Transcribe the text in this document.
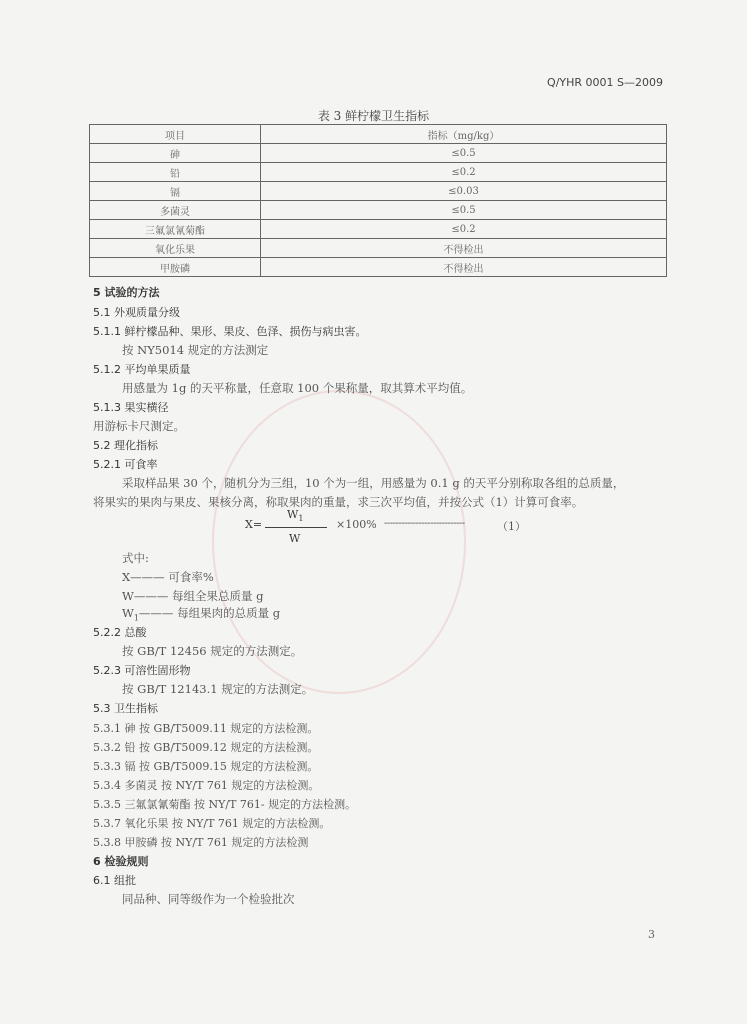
Q/YHR 0001 S—2009
表 3 鲜柠檬卫生指标
项目	指标（mg/kg）
砷	≤0.5
铅	≤0.2
镉	≤0.03
多菌灵	≤0.5
三氟氯氰菊酯	≤0.2
氧化乐果	不得检出
甲胺磷	不得检出
5 试验的方法
5.1 外观质量分级
5.1.1 鲜柠檬品种、果形、果皮、色泽、损伤与病虫害。
按 NY5014 规定的方法测定
5.1.2 平均单果质量
用感量为 1g 的天平称量，任意取 100 个果称量，取其算术平均值。
5.1.3 果实横径
用游标卡尺测定。
5.2 理化指标
5.2.1 可食率
采取样品果 30 个，随机分为三组，10 个为一组，用感量为 0.1 g 的天平分别称取各组的总质量，
将果实的果肉与果皮、果核分离，称取果肉的重量，求三次平均值，并按公式（1）计算可食率。
$W_1$
X=	×100% ----------------------------	（1）
W
式中:
X——— 可食率%
W——— 每组全果总质量 g
$W_1———$ 每组果肉的总质量 g
5.2.2 总酸
按 GB/T 12456 规定的方法测定。
5.2.3 可溶性固形物
按 GB/T 12143.1 规定的方法测定。
5.3 卫生指标
5.3.1 砷 按 GB/T5009.11 规定的方法检测。
5.3.2 铅 按 GB/T5009.12 规定的方法检测。
5.3.3 镉 按 GB/T5009.15 规定的方法检测。
5.3.4 多菌灵 按 NY/T 761 规定的方法检测。
5.3.5 三氟氯氰菊酯 按 NY/T 761- 规定的方法检测。
5.3.7 氧化乐果 按 NY/T 761 规定的方法检测。
5.3.8 甲胺磷 按 NY/T 761 规定的方法检测
6 检验规则
6.1 组批
同品种、同等级作为一个检验批次
3
